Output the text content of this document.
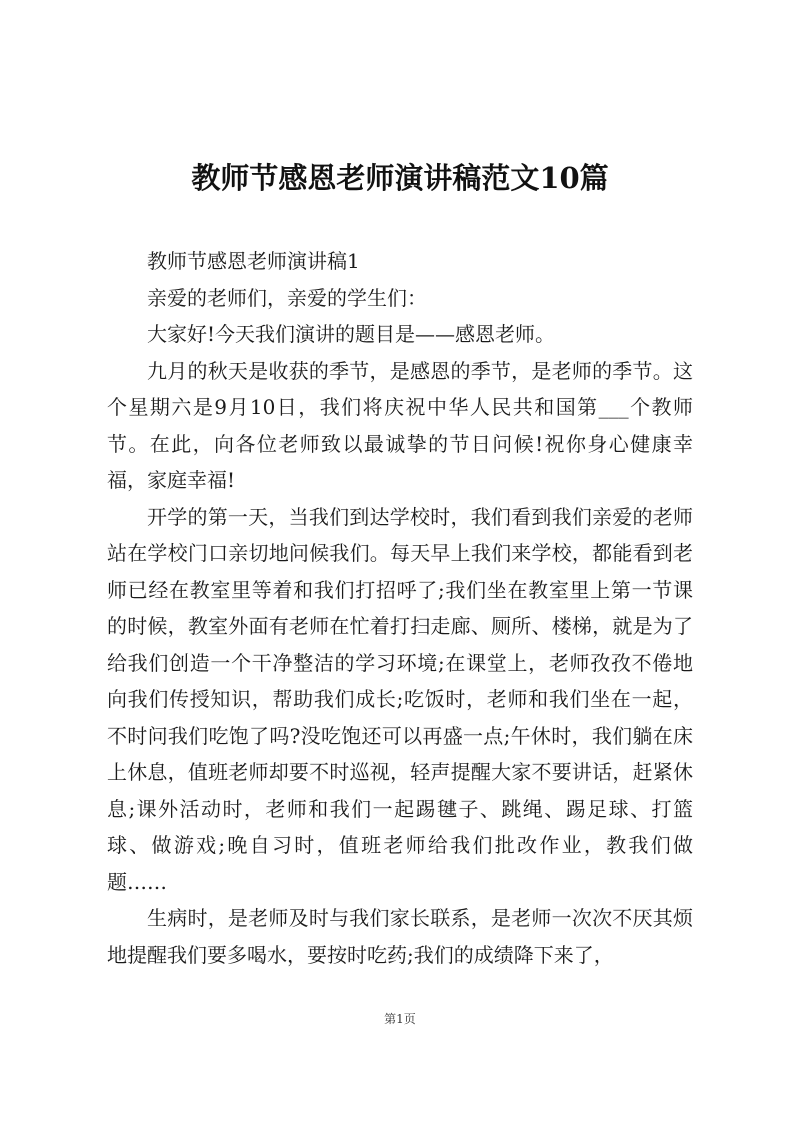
教师节感恩老师演讲稿范文10篇

教师节感恩老师演讲稿1

亲爱的老师们，亲爱的学生们：

大家好!今天我们演讲的题目是——感恩老师。

九月的秋天是收获的季节，是感恩的季节，是老师的季节。这个星期六是9月10日，我们将庆祝中华人民共和国第___个教师节。在此，向各位老师致以最诚挚的节日问候!祝你身心健康幸福，家庭幸福!

开学的第一天，当我们到达学校时，我们看到我们亲爱的老师站在学校门口亲切地问候我们。每天早上我们来学校，都能看到老师已经在教室里等着和我们打招呼了;我们坐在教室里上第一节课的时候，教室外面有老师在忙着打扫走廊、厕所、楼梯，就是为了给我们创造一个干净整洁的学习环境;在课堂上，老师孜孜不倦地向我们传授知识，帮助我们成长;吃饭时，老师和我们坐在一起，不时问我们吃饱了吗?没吃饱还可以再盛一点;午休时，我们躺在床上休息，值班老师却要不时巡视，轻声提醒大家不要讲话，赶紧休息;课外活动时，老师和我们一起踢毽子、跳绳、踢足球、打篮球、做游戏;晚自习时，值班老师给我们批改作业，教我们做题……

生病时，是老师及时与我们家长联系，是老师一次次不厌其烦地提醒我们要多喝水，要按时吃药;我们的成绩降下来了，

第1页
